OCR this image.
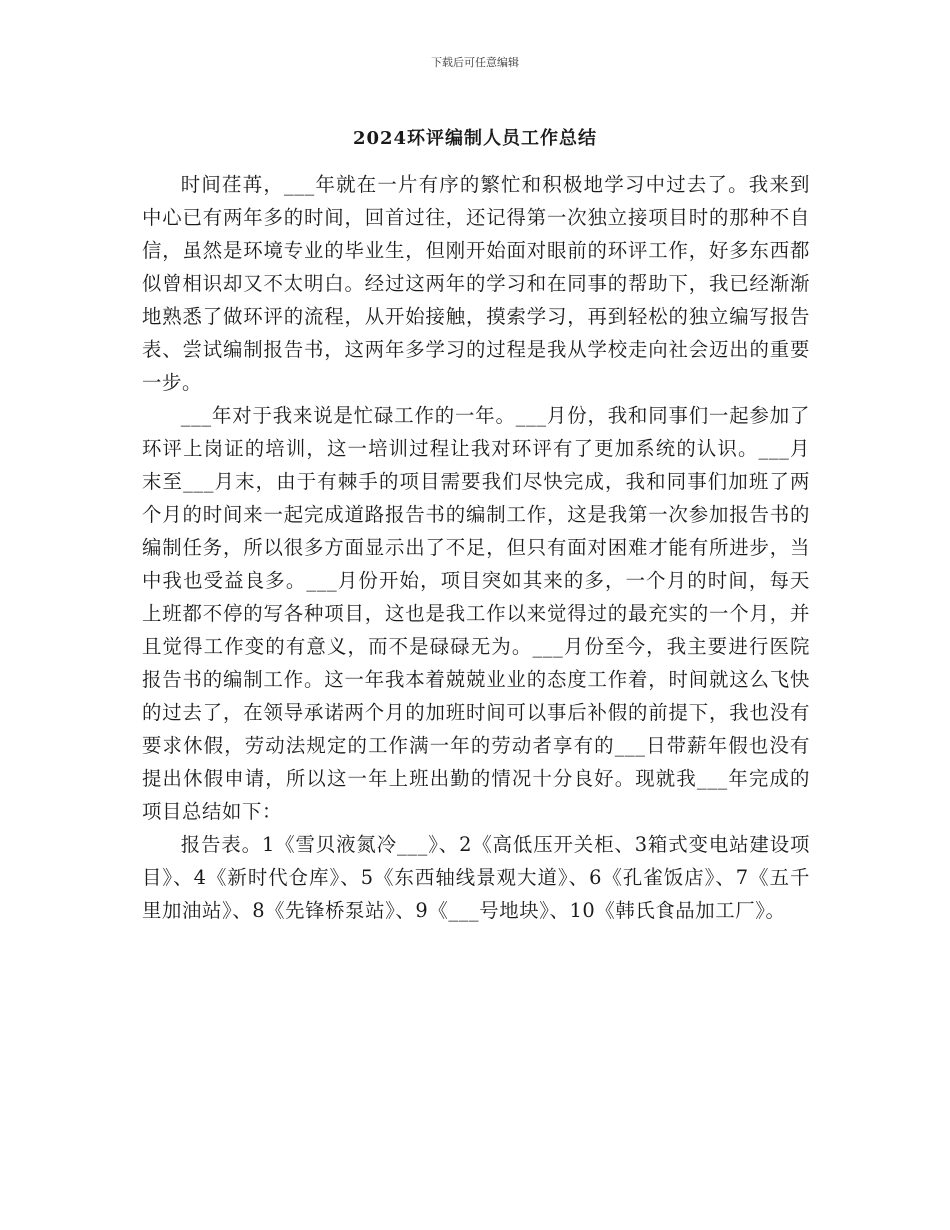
下载后可任意编辑
2024环评编制人员工作总结

时间荏苒，___年就在一片有序的繁忙和积极地学习中过去了。我来到中心已有两年多的时间，回首过往，还记得第一次独立接项目时的那种不自信，虽然是环境专业的毕业生，但刚开始面对眼前的环评工作，好多东西都似曾相识却又不太明白。经过这两年的学习和在同事的帮助下，我已经渐渐地熟悉了做环评的流程，从开始接触，摸索学习，再到轻松的独立编写报告表、尝试编制报告书，这两年多学习的过程是我从学校走向社会迈出的重要一步。

___年对于我来说是忙碌工作的一年。___月份，我和同事们一起参加了环评上岗证的培训，这一培训过程让我对环评有了更加系统的认识。___月末至___月末，由于有棘手的项目需要我们尽快完成，我和同事们加班了两个月的时间来一起完成道路报告书的编制工作，这是我第一次参加报告书的编制任务，所以很多方面显示出了不足，但只有面对困难才能有所进步，当中我也受益良多。___月份开始，项目突如其来的多，一个月的时间，每天上班都不停的写各种项目，这也是我工作以来觉得过的最充实的一个月，并且觉得工作变的有意义，而不是碌碌无为。___月份至今，我主要进行医院报告书的编制工作。这一年我本着兢兢业业的态度工作着，时间就这么飞快的过去了，在领导承诺两个月的加班时间可以事后补假的前提下，我也没有要求休假，劳动法规定的工作满一年的劳动者享有的___日带薪年假也没有提出休假申请，所以这一年上班出勤的情况十分良好。现就我___年完成的项目总结如下：

报告表。1《雪贝液氮冷___》、2《高低压开关柜、3箱式变电站建设项目》、4《新时代仓库》、5《东西轴线景观大道》、6《孔雀饭店》、7《五千里加油站》、8《先锋桥泵站》、9《___号地块》、10《韩氏食品加工厂》。
